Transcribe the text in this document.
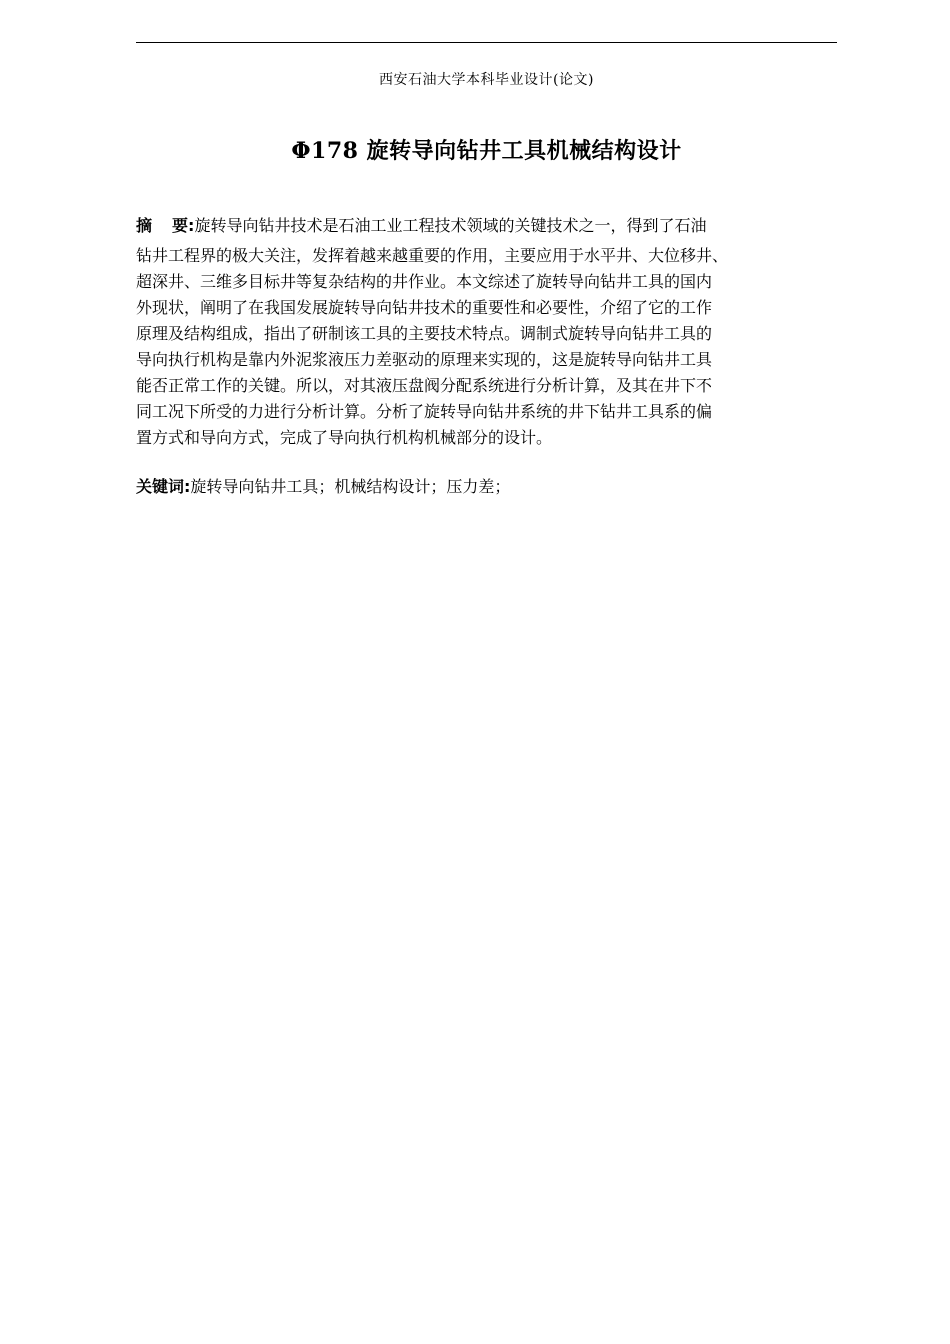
西安石油大学本科毕业设计(论文)
Φ178 旋转导向钻井工具机械结构设计
摘 要:旋转导向钻井技术是石油工业工程技术领域的关键技术之一，得到了石油
钻井工程界的极大关注，发挥着越来越重要的作用，主要应用于水平井、大位移井、
超深井、三维多目标井等复杂结构的井作业。本文综述了旋转导向钻井工具的国内
外现状，阐明了在我国发展旋转导向钻井技术的重要性和必要性，介绍了它的工作
原理及结构组成，指出了研制该工具的主要技术特点。调制式旋转导向钻井工具的
导向执行机构是靠内外泥浆液压力差驱动的原理来实现的，这是旋转导向钻井工具
能否正常工作的关键。所以，对其液压盘阀分配系统进行分析计算，及其在井下不
同工况下所受的力进行分析计算。分析了旋转导向钻井系统的井下钻井工具系的偏
置方式和导向方式，完成了导向执行机构机械部分的设计。
关键词:旋转导向钻井工具；机械结构设计；压力差；
